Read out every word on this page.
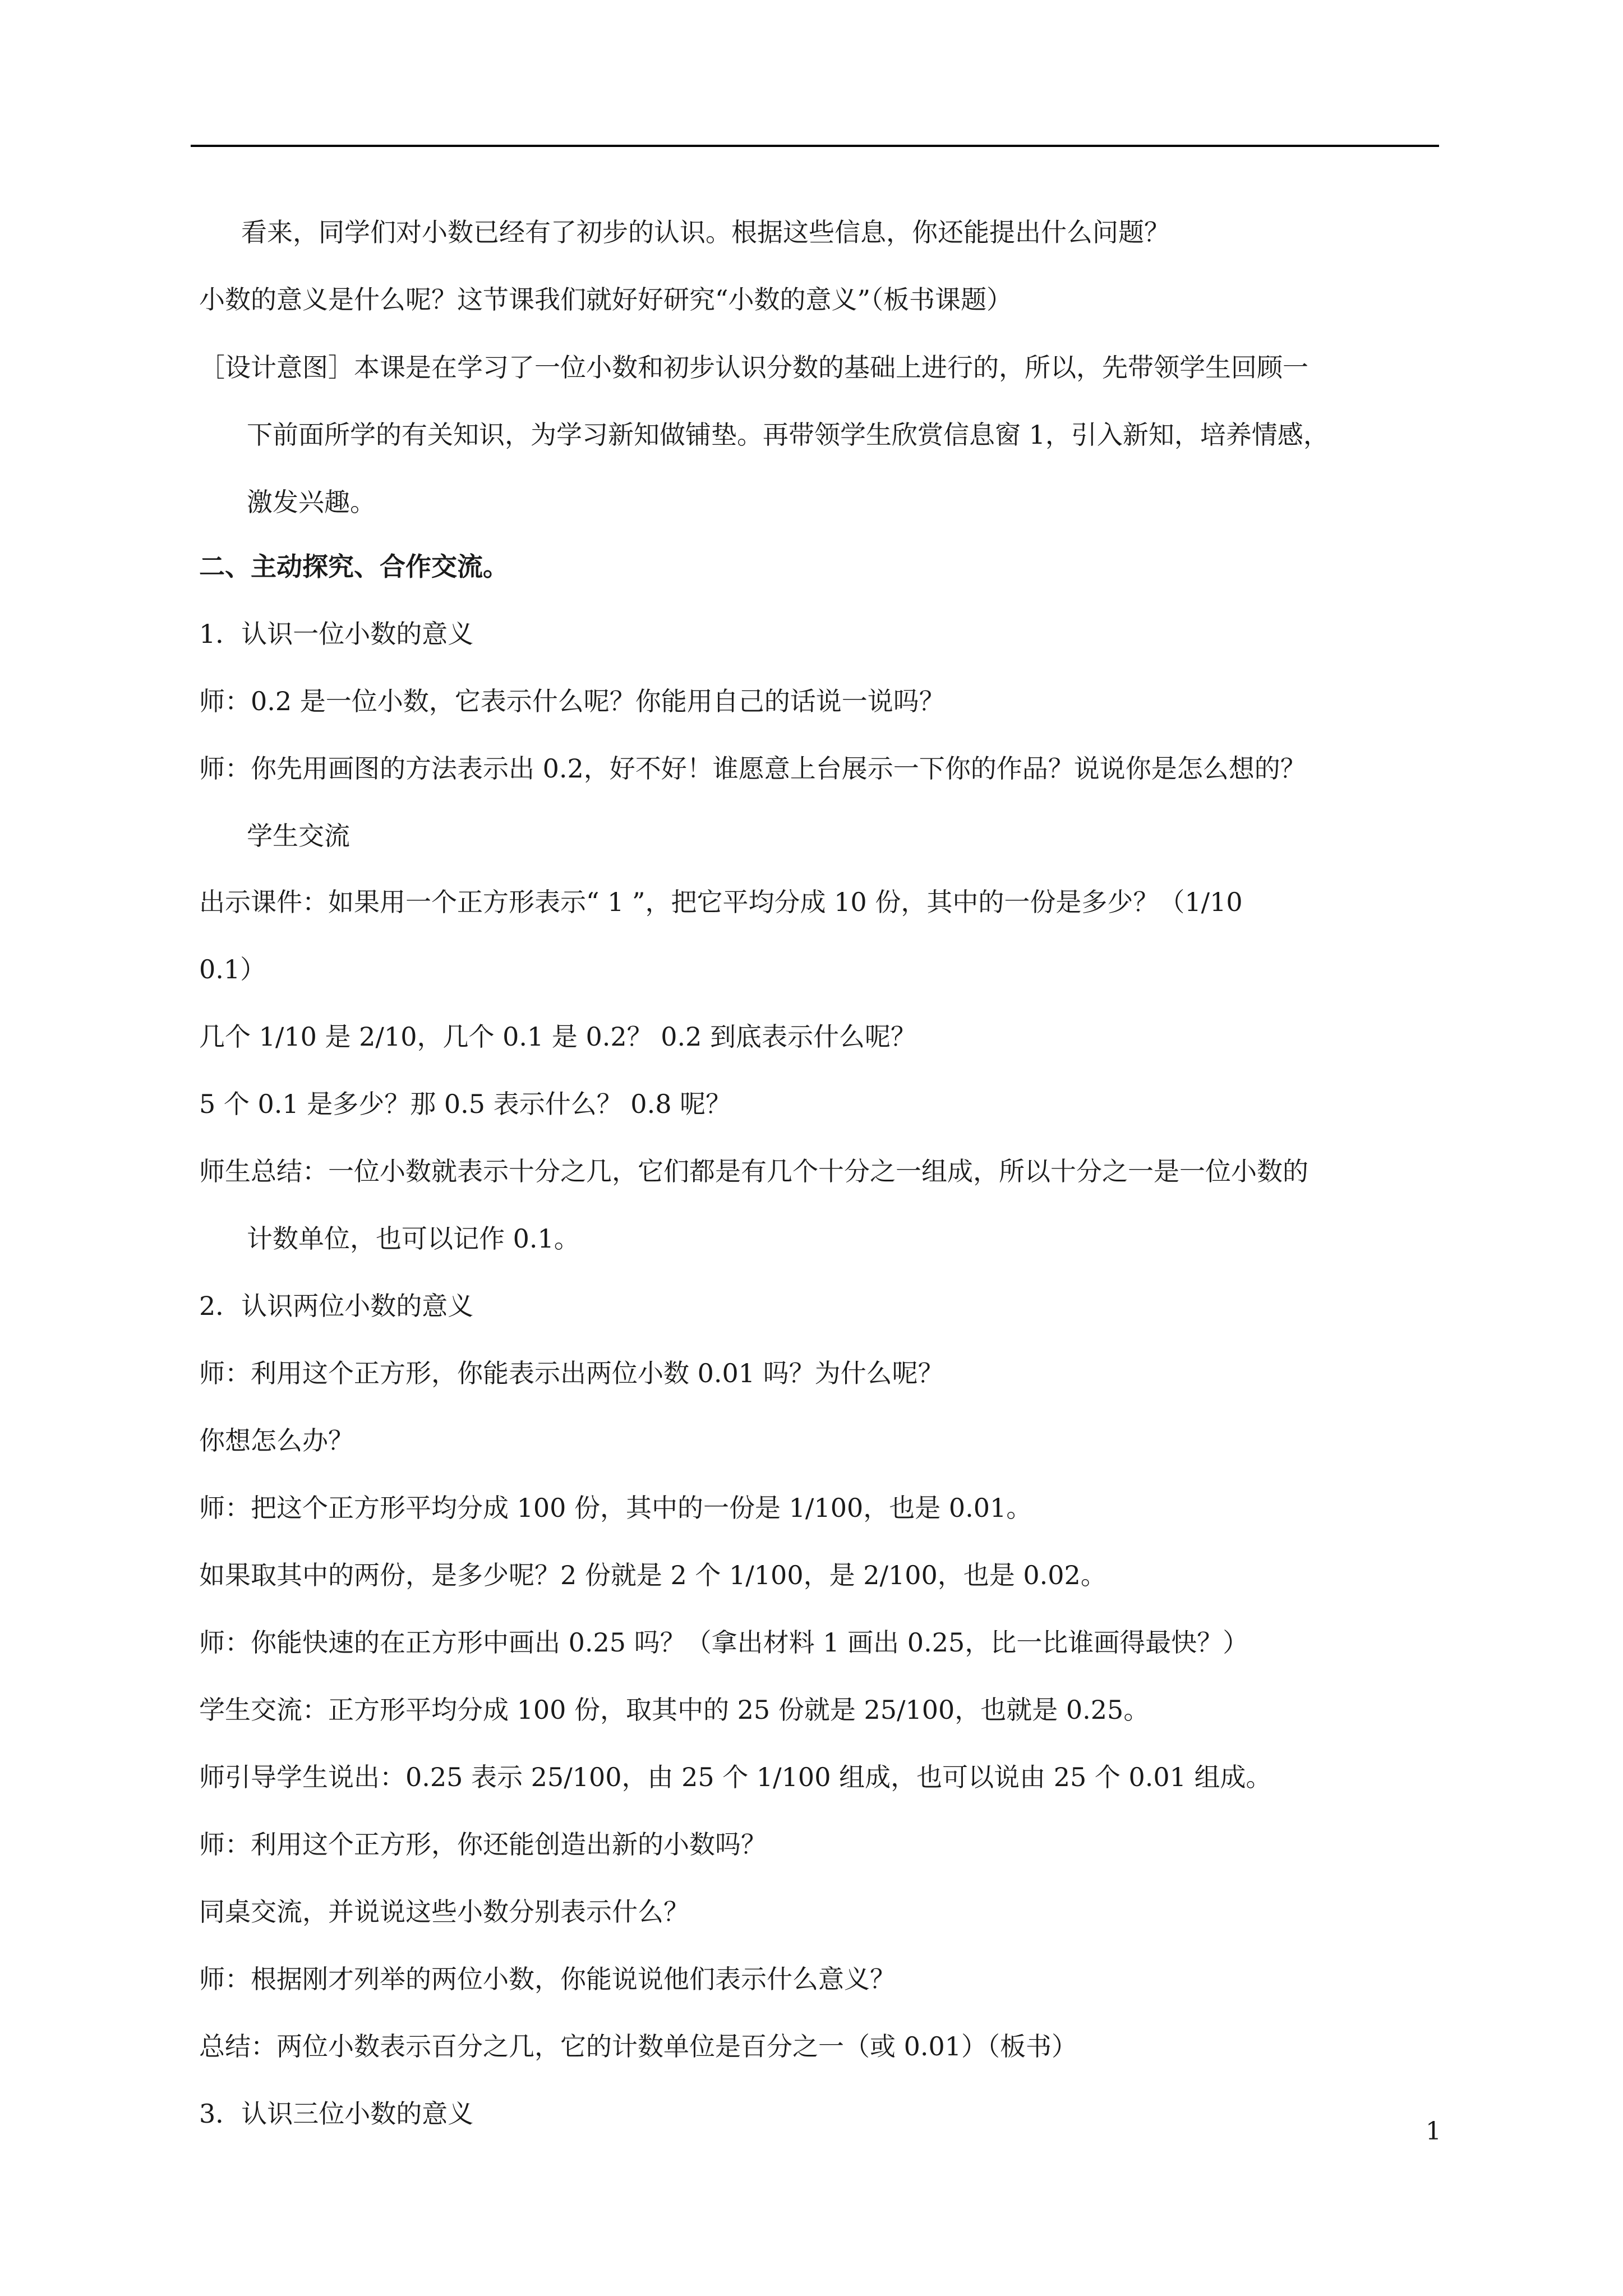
看来，同学们对小数已经有了初步的认识。根据这些信息，你还能提出什么问题？
小数的意义是什么呢？这节课我们就好好研究“小数的意义”（板书课题）
［设计意图］本课是在学习了一位小数和初步认识分数的基础上进行的，所以，先带领学生回顾一
下前面所学的有关知识，为学习新知做铺垫。再带领学生欣赏信息窗 1，引入新知，培养情感，
激发兴趣。
二、主动探究、合作交流。
1．认识一位小数的意义
师：0.2 是一位小数，它表示什么呢？你能用自己的话说一说吗？
师：你先用画图的方法表示出 0.2，好不好！谁愿意上台展示一下你的作品？说说你是怎么想的？
学生交流
出示课件：如果用一个正方形表示“ 1 ”，把它平均分成 10 份，其中的一份是多少？（1/10
0.1）
几个 1/10 是 2/10，几个 0.1 是 0.2？ 0.2 到底表示什么呢？
5 个 0.1 是多少？那 0.5 表示什么？ 0.8 呢？
师生总结：一位小数就表示十分之几，它们都是有几个十分之一组成，所以十分之一是一位小数的
计数单位，也可以记作 0.1。
2．认识两位小数的意义
师：利用这个正方形，你能表示出两位小数 0.01 吗？为什么呢？
你想怎么办？
师：把这个正方形平均分成 100 份，其中的一份是 1/100，也是 0.01。
如果取其中的两份，是多少呢？2 份就是 2 个 1/100，是 2/100，也是 0.02。
师：你能快速的在正方形中画出 0.25 吗？（拿出材料 1 画出 0.25，比一比谁画得最快？）
学生交流：正方形平均分成 100 份，取其中的 25 份就是 25/100，也就是 0.25。
师引导学生说出：0.25 表示 25/100，由 25 个 1/100 组成，也可以说由 25 个 0.01 组成。
师：利用这个正方形，你还能创造出新的小数吗？
同桌交流，并说说这些小数分别表示什么？
师：根据刚才列举的两位小数，你能说说他们表示什么意义？
总结：两位小数表示百分之几，它的计数单位是百分之一（或 0.01）（板书）
3．认识三位小数的意义
1
